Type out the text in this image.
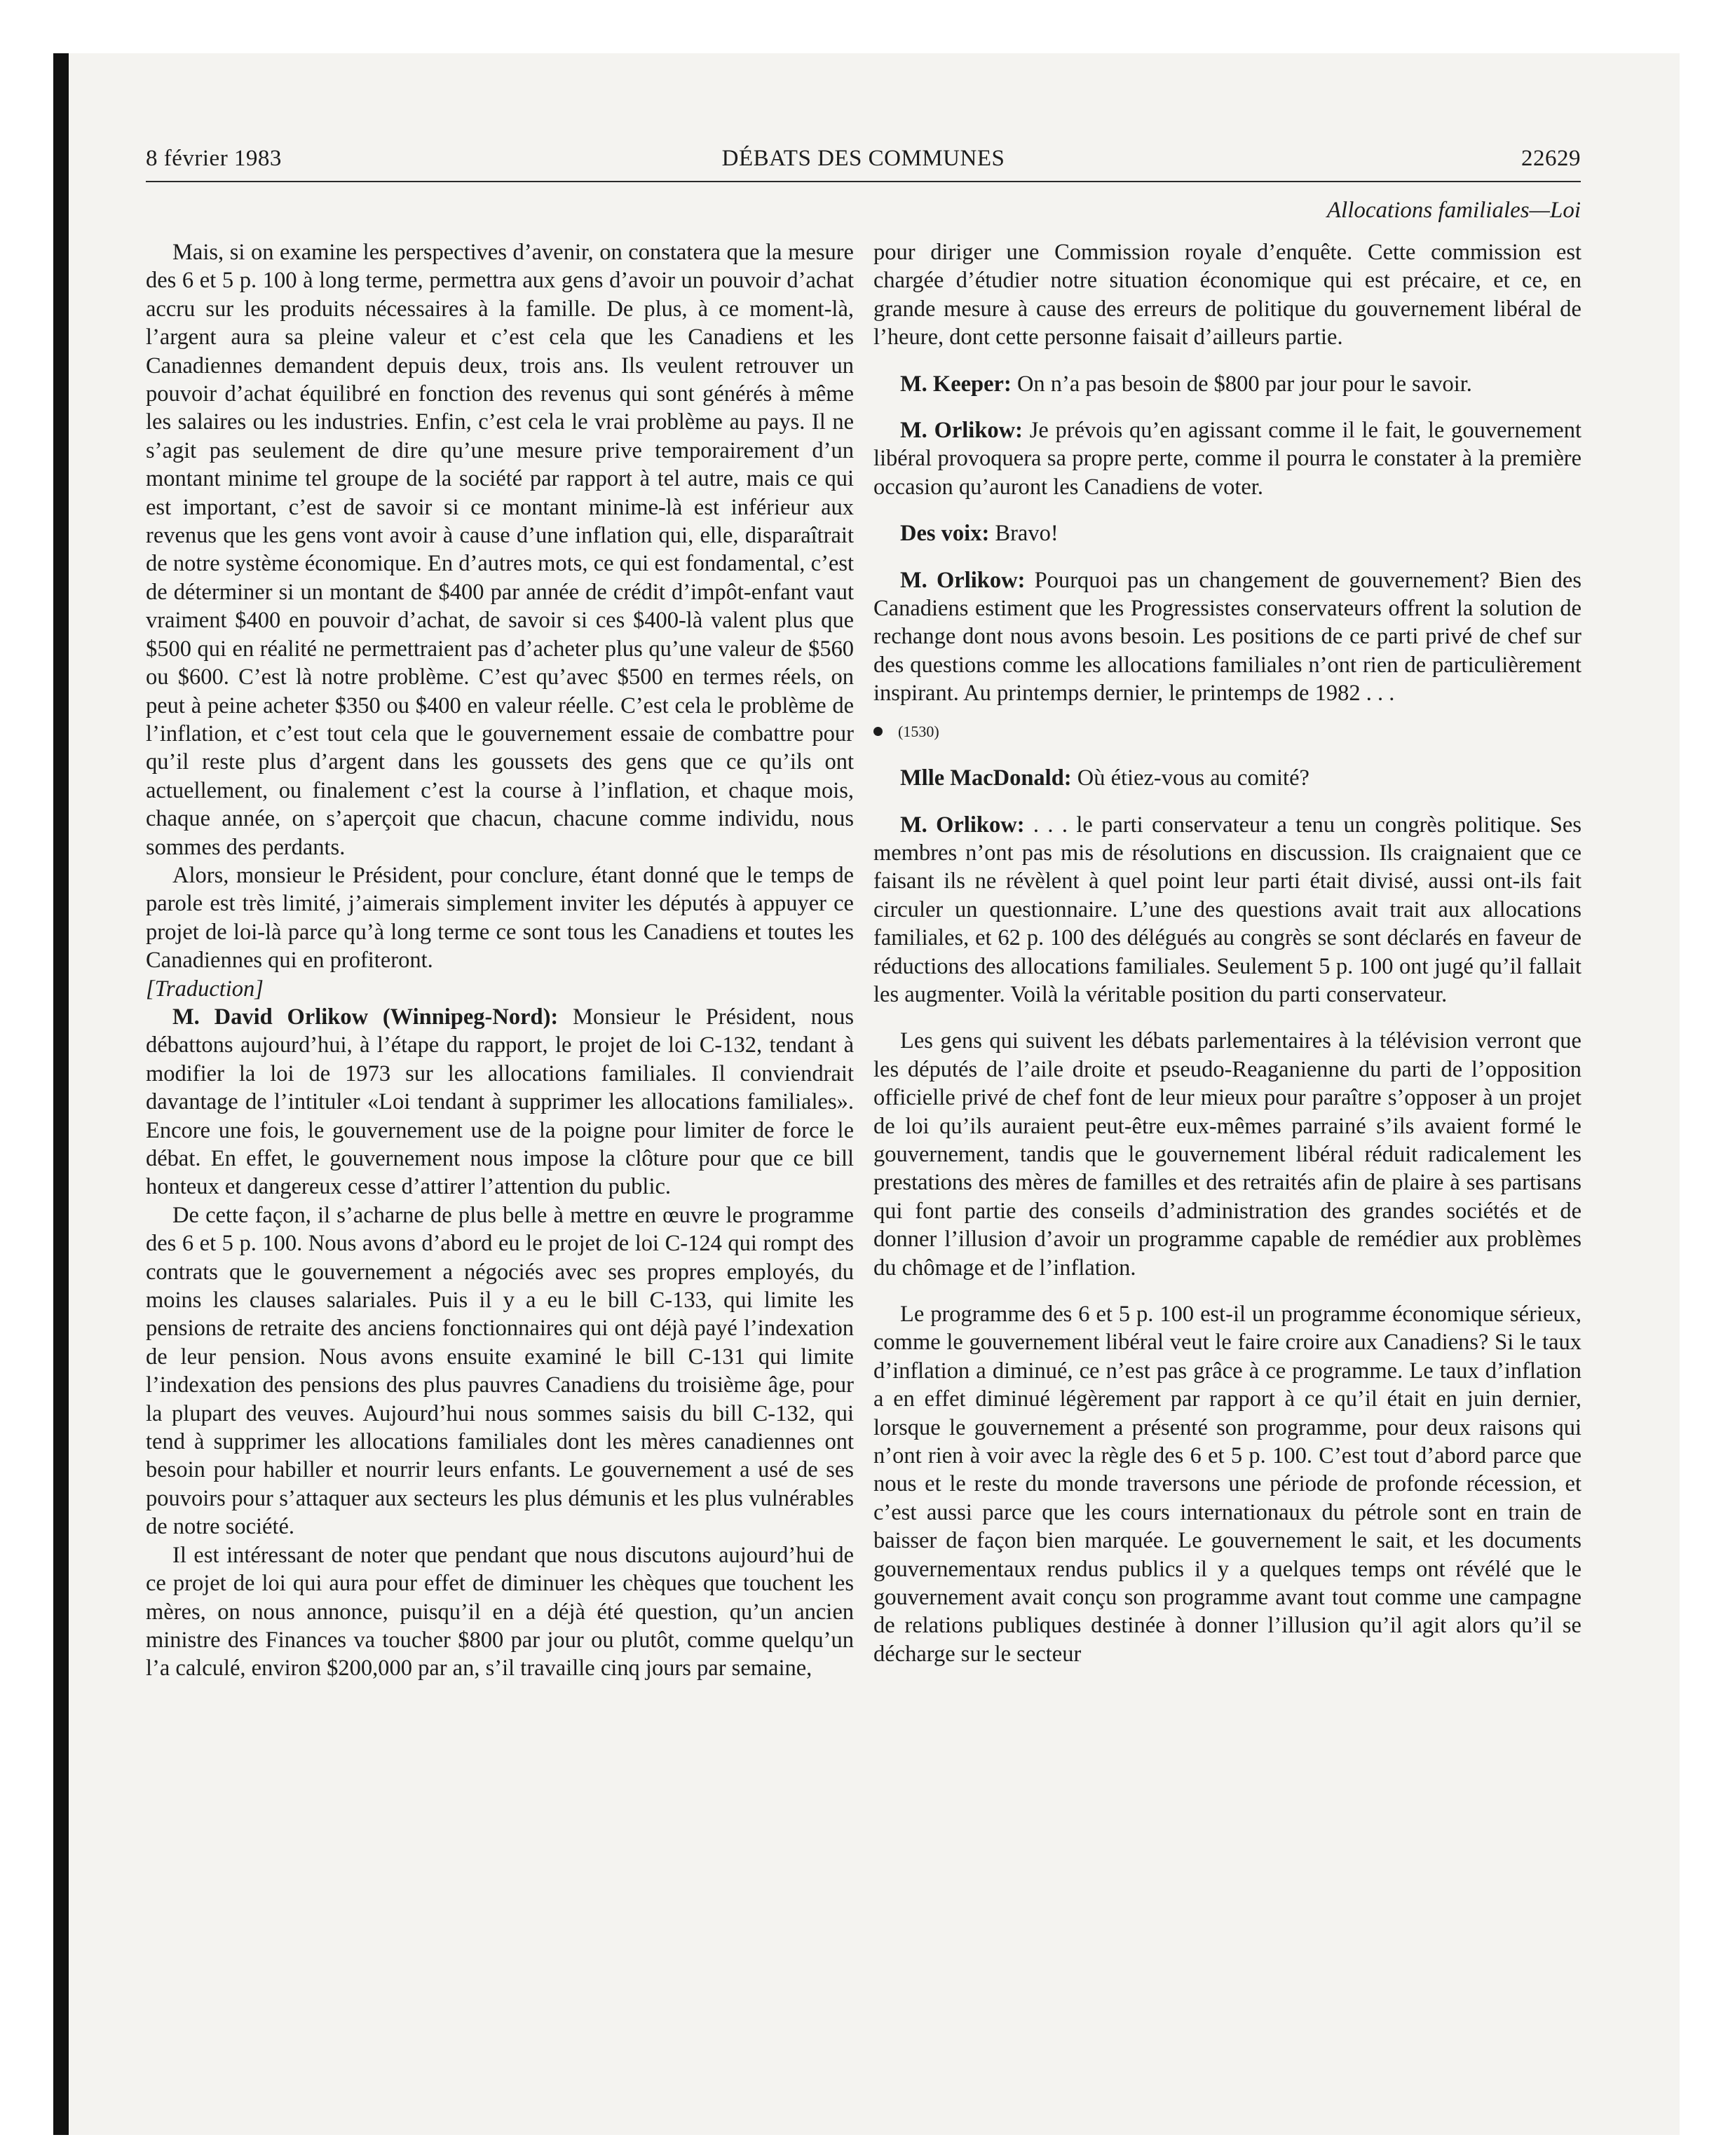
8 février 1983	DÉBATS DES COMMUNES	22629
Allocations familiales—Loi

Mais, si on examine les perspectives d’avenir, on constatera que la mesure des 6 et 5 p. 100 à long terme, permettra aux gens d’avoir un pouvoir d’achat accru sur les produits nécessaires à la famille. De plus, à ce moment-là, l’argent aura sa pleine valeur et c’est cela que les Canadiens et les Canadiennes demandent depuis deux, trois ans. Ils veulent retrouver un pouvoir d’achat équilibré en fonction des revenus qui sont générés à même les salaires ou les industries. Enfin, c’est cela le vrai problème au pays. Il ne s’agit pas seulement de dire qu’une mesure prive temporairement d’un montant minime tel groupe de la société par rapport à tel autre, mais ce qui est important, c’est de savoir si ce montant minime-là est inférieur aux revenus que les gens vont avoir à cause d’une inflation qui, elle, disparaîtrait de notre système économique. En d’autres mots, ce qui est fondamental, c’est de déterminer si un montant de $400 par année de crédit d’impôt-enfant vaut vraiment $400 en pouvoir d’achat, de savoir si ces $400-là valent plus que $500 qui en réalité ne permettraient pas d’acheter plus qu’une valeur de $560 ou $600. C’est là notre problème. C’est qu’avec $500 en termes réels, on peut à peine acheter $350 ou $400 en valeur réelle. C’est cela le problème de l’inflation, et c’est tout cela que le gouvernement essaie de combattre pour qu’il reste plus d’argent dans les goussets des gens que ce qu’ils ont actuellement, ou finalement c’est la course à l’inflation, et chaque mois, chaque année, on s’aperçoit que chacun, chacune comme individu, nous sommes des perdants.

Alors, monsieur le Président, pour conclure, étant donné que le temps de parole est très limité, j’aimerais simplement inviter les députés à appuyer ce projet de loi-là parce qu’à long terme ce sont tous les Canadiens et toutes les Canadiennes qui en profiteront.

[Traduction]

M. David Orlikow (Winnipeg-Nord): Monsieur le Président, nous débattons aujourd’hui, à l’étape du rapport, le projet de loi C-132, tendant à modifier la loi de 1973 sur les allocations familiales. Il conviendrait davantage de l’intituler «Loi tendant à supprimer les allocations familiales». Encore une fois, le gouvernement use de la poigne pour limiter de force le débat. En effet, le gouvernement nous impose la clôture pour que ce bill honteux et dangereux cesse d’attirer l’attention du public.

De cette façon, il s’acharne de plus belle à mettre en œuvre le programme des 6 et 5 p. 100. Nous avons d’abord eu le projet de loi C-124 qui rompt des contrats que le gouvernement a négociés avec ses propres employés, du moins les clauses salariales. Puis il y a eu le bill C-133, qui limite les pensions de retraite des anciens fonctionnaires qui ont déjà payé l’indexation de leur pension. Nous avons ensuite examiné le bill C-131 qui limite l’indexation des pensions des plus pauvres Canadiens du troisième âge, pour la plupart des veuves. Aujourd’hui nous sommes saisis du bill C-132, qui tend à supprimer les allocations familiales dont les mères canadiennes ont besoin pour habiller et nourrir leurs enfants. Le gouvernement a usé de ses pouvoirs pour s’attaquer aux secteurs les plus démunis et les plus vulnérables de notre société.

Il est intéressant de noter que pendant que nous discutons aujourd’hui de ce projet de loi qui aura pour effet de diminuer les chèques que touchent les mères, on nous annonce, puisqu’il en a déjà été question, qu’un ancien ministre des Finances va toucher $800 par jour ou plutôt, comme quelqu’un l’a calculé, environ $200,000 par an, s’il travaille cinq jours par semaine,

pour diriger une Commission royale d’enquête. Cette commission est chargée d’étudier notre situation économique qui est précaire, et ce, en grande mesure à cause des erreurs de politique du gouvernement libéral de l’heure, dont cette personne faisait d’ailleurs partie.

M. Keeper: On n’a pas besoin de $800 par jour pour le savoir.

M. Orlikow: Je prévois qu’en agissant comme il le fait, le gouvernement libéral provoquera sa propre perte, comme il pourra le constater à la première occasion qu’auront les Canadiens de voter.

Des voix: Bravo!

M. Orlikow: Pourquoi pas un changement de gouvernement? Bien des Canadiens estiment que les Progressistes conservateurs offrent la solution de rechange dont nous avons besoin. Les positions de ce parti privé de chef sur des questions comme les allocations familiales n’ont rien de particulièrement inspirant. Au printemps dernier, le printemps de 1982 . . .

(1530)

Mlle MacDonald: Où étiez-vous au comité?

M. Orlikow: . . . le parti conservateur a tenu un congrès politique. Ses membres n’ont pas mis de résolutions en discussion. Ils craignaient que ce faisant ils ne révèlent à quel point leur parti était divisé, aussi ont-ils fait circuler un questionnaire. L’une des questions avait trait aux allocations familiales, et 62 p. 100 des délégués au congrès se sont déclarés en faveur de réductions des allocations familiales. Seulement 5 p. 100 ont jugé qu’il fallait les augmenter. Voilà la véritable position du parti conservateur.

Les gens qui suivent les débats parlementaires à la télévision verront que les députés de l’aile droite et pseudo-Reaganienne du parti de l’opposition officielle privé de chef font de leur mieux pour paraître s’opposer à un projet de loi qu’ils auraient peut-être eux-mêmes parrainé s’ils avaient formé le gouvernement, tandis que le gouvernement libéral réduit radicalement les prestations des mères de familles et des retraités afin de plaire à ses partisans qui font partie des conseils d’administration des grandes sociétés et de donner l’illusion d’avoir un programme capable de remédier aux problèmes du chômage et de l’inflation.

Le programme des 6 et 5 p. 100 est-il un programme économique sérieux, comme le gouvernement libéral veut le faire croire aux Canadiens? Si le taux d’inflation a diminué, ce n’est pas grâce à ce programme. Le taux d’inflation a en effet diminué légèrement par rapport à ce qu’il était en juin dernier, lorsque le gouvernement a présenté son programme, pour deux raisons qui n’ont rien à voir avec la règle des 6 et 5 p. 100. C’est tout d’abord parce que nous et le reste du monde traversons une période de profonde récession, et c’est aussi parce que les cours internationaux du pétrole sont en train de baisser de façon bien marquée. Le gouvernement le sait, et les documents gouvernementaux rendus publics il y a quelques temps ont révélé que le gouvernement avait conçu son programme avant tout comme une campagne de relations publiques destinée à donner l’illusion qu’il agit alors qu’il se décharge sur le secteur
